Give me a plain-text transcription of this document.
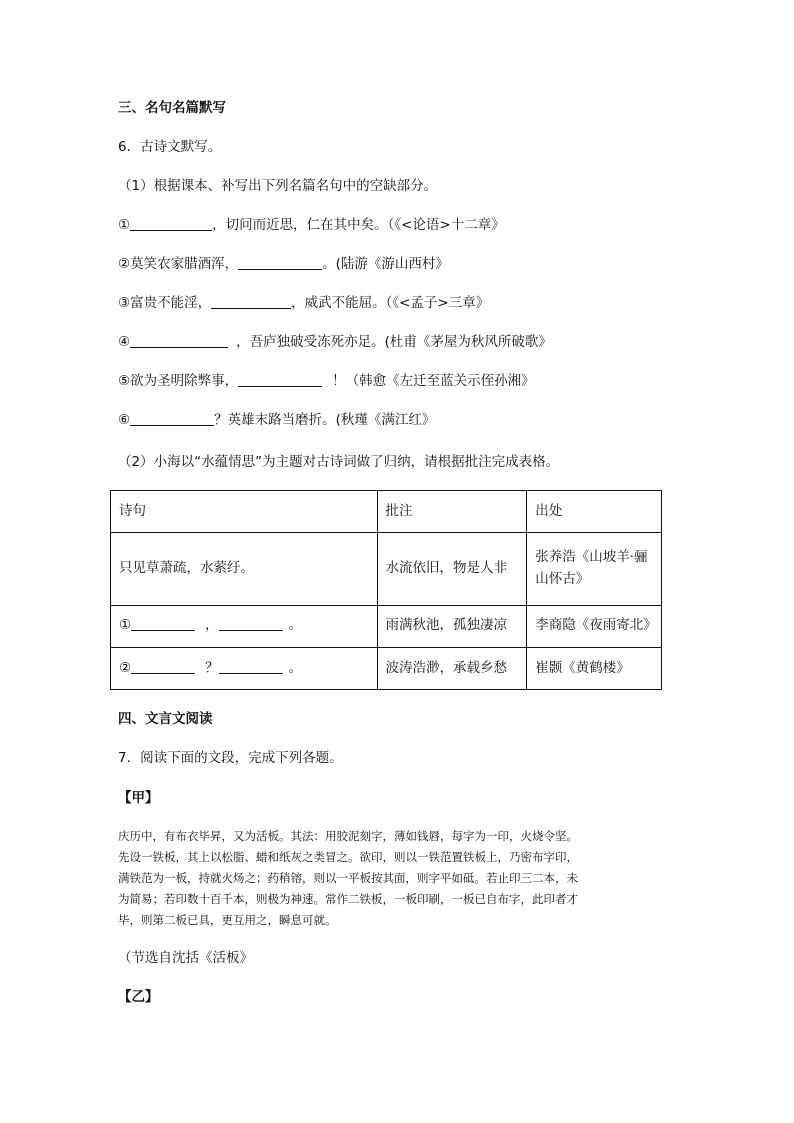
三、名句名篇默写
6．古诗文默写。
（1）根据课本、补写出下列名篇名句中的空缺部分。
①	，切问而近思，仁在其中矣。（《<论语>十二章》
②莫笑农家腊酒浑，	。(陆游《游山西村》
③富贵不能淫，	，威武不能屈。（《<孟子>三章》
④	，吾庐独破受冻死亦足。(杜甫《茅屋为秋风所破歌》
⑤欲为圣明除弊事，	！（韩愈《左迁至蓝关示侄孙湘》
⑥	？英雄末路当磨折。(秋瑾《满江红》
（2）小海以“水蕴情思”为主题对古诗词做了归纳，请根据批注完成表格。
诗句	批注	出处
只见草萧疏，水萦纡。	水流依旧，物是人非	张养浩《山坡羊·骊
山怀古》

① ， 。	雨满秋池，孤独凄凉	李商隐《夜雨寄北》
② ？ 。	波涛浩渺，承载乡愁	崔颢《黄鹤楼》
四、文言文阅读
7．阅读下面的文段，完成下列各题。
【甲】
庆历中，有布衣毕昇，又为活板。其法：用胶泥刻字，薄如钱唇，每字为一印，火烧令坚。
先设一铁板，其上以松脂、蜡和纸灰之类冒之。欲印，则以一铁范置铁板上，乃密布字印，
满铁范为一板，持就火炀之；药稍镕，则以一平板按其面，则字平如砥。若止印三二本，未
为简易；若印数十百千本，则极为神速。常作二铁板，一板印刷，一板已自布字，此印者才
毕，则第二板已具，更互用之，瞬息可就。
（节选自沈括《活板》
【乙】
